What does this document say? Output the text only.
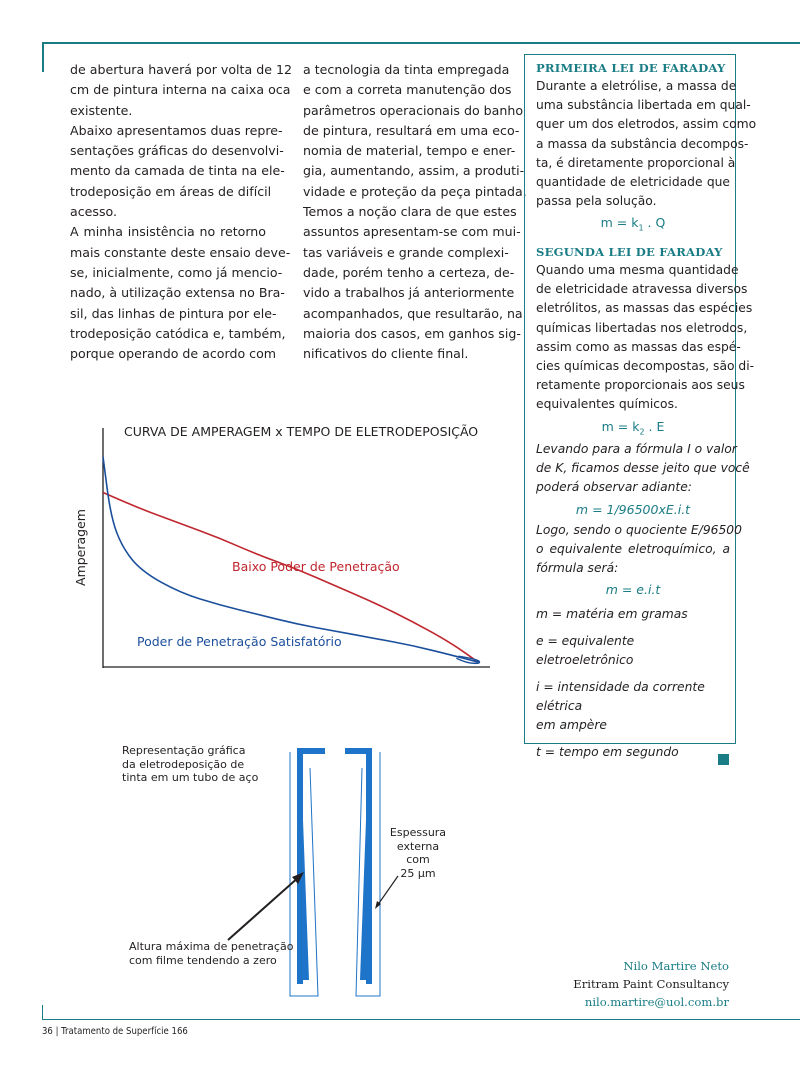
de abertura haverá por volta de 12
cm de pintura interna na caixa oca
existente.
Abaixo apresentamos duas repre-
sentações gráficas do desenvolvi-
mento da camada de tinta na ele-
trodeposição em áreas de difícil
acesso.
A minha insistência no retorno
mais constante deste ensaio deve-
se, inicialmente, como já mencio-
nado, à utilização extensa no Bra-
sil, das linhas de pintura por ele-
trodeposição catódica e, também,
porque operando de acordo com
a tecnologia da tinta empregada
e com a correta manutenção dos
parâmetros operacionais do banho
de pintura, resultará em uma eco-
nomia de material, tempo e ener-
gia, aumentando, assim, a produti-
vidade e proteção da peça pintada.
Temos a noção clara de que estes
assuntos apresentam-se com mui-
tas variáveis e grande complexi-
dade, porém tenho a certeza, de-
vido a trabalhos já anteriormente
acompanhados, que resultarão, na
maioria dos casos, em ganhos sig-
nificativos do cliente final.
PRIMEIRA LEI DE FARADAY
Durante a eletrólise, a massa de
uma substância libertada em qual-
quer um dos eletrodos, assim como
a massa da substância decompos-
ta, é diretamente proporcional à
quantidade de eletricidade que
passa pela solução.
$m = k_1$ . Q
SEGUNDA LEI DE FARADAY
Quando uma mesma quantidade
de eletricidade atravessa diversos
eletrólitos, as massas das espécies
químicas libertadas nos eletrodos,
assim como as massas das espé-
cies químicas decompostas, são di-
retamente proporcionais aos seus
equivalentes químicos.
$m = k_2$ . E
Levando para a fórmula I o valor
de K, ficamos desse jeito que você
poderá observar adiante:
m = 1/96500xE.i.t
Logo, sendo o quociente E/96500
o equivalente eletroquímico, a
fórmula será:
m = e.i.t
m = matéria em gramas
e = equivalente eletroeletrônico
i = intensidade da corrente elétrica
em ampère
t = tempo em segundo
CURVA DE AMPERAGEM x TEMPO DE ELETRODEPOSIÇÃO
Amperagem	Baixo Poder de Penetração
Poder de Penetração Satisfatório
Representação gráfica
da eletrodeposição de
tinta em um tubo de aço
Espessura
externa
com
25 µm
Altura máxima de penetração
com filme tendendo a zero	Nilo Martire Neto
Eritram Paint Consultancy
nilo.martire@uol.com.br
36 | Tratamento de Superfície 166
